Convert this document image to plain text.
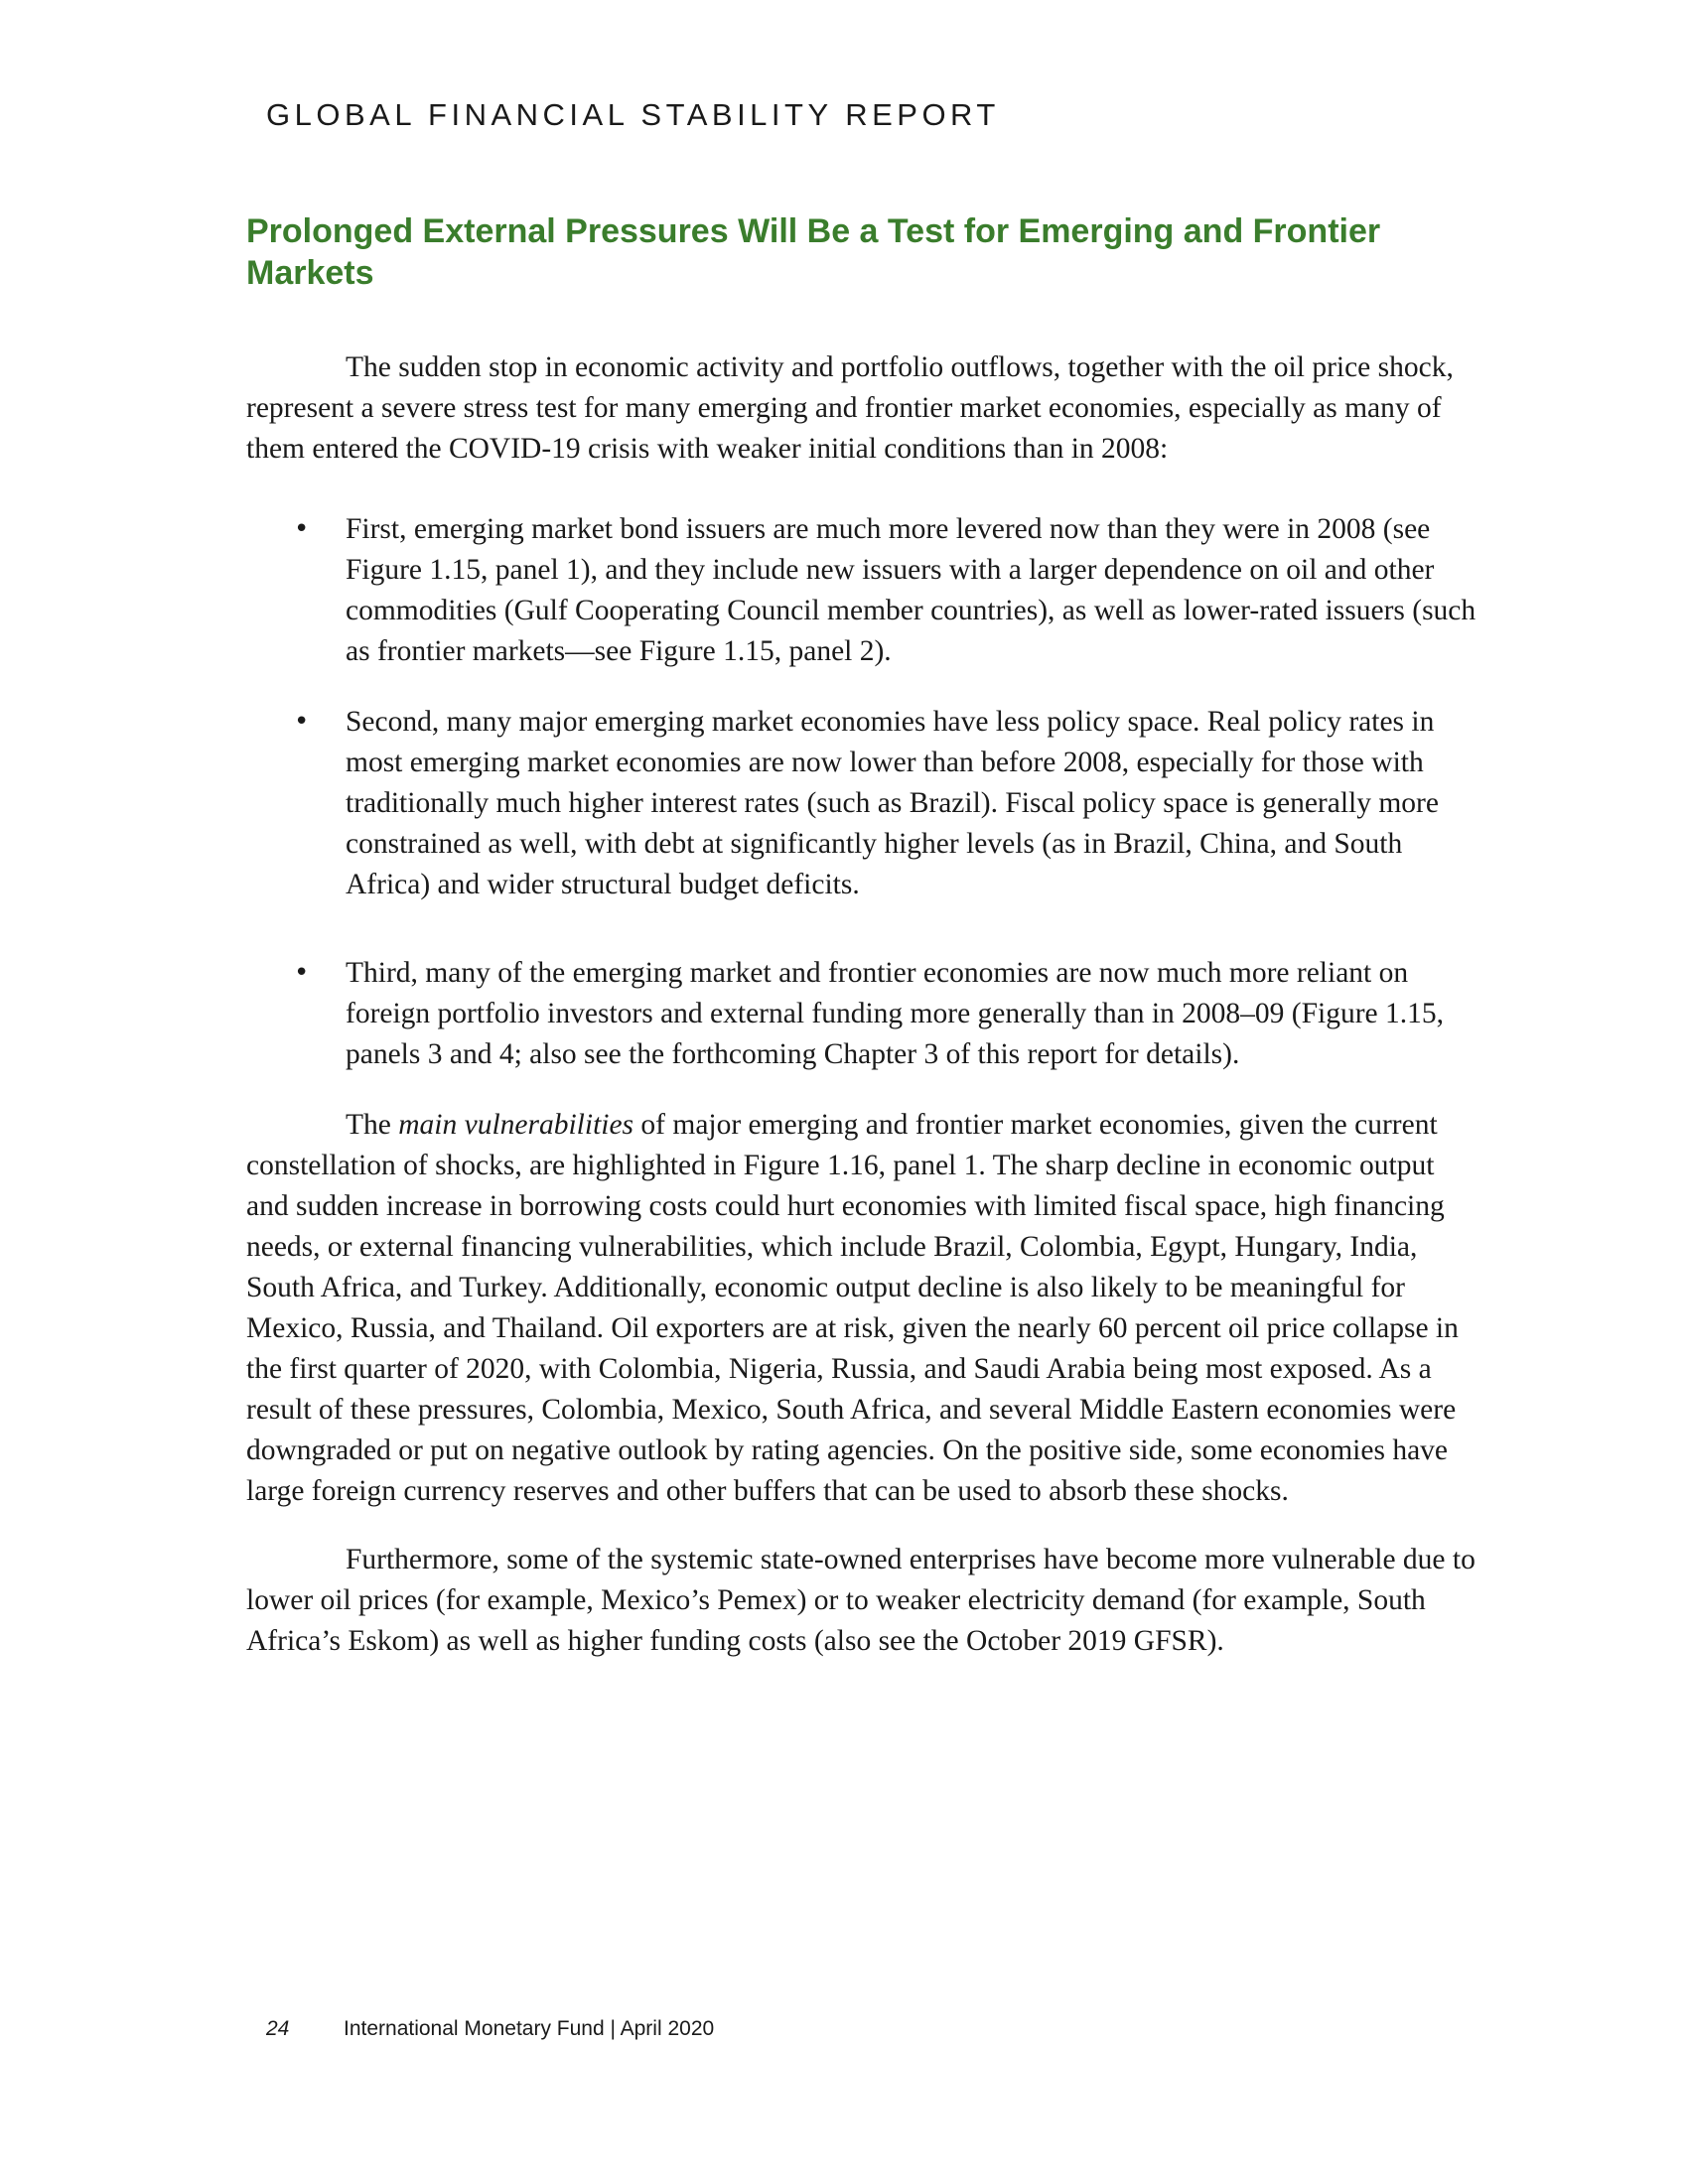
GLOBAL FINANCIAL STABILITY REPORT
Prolonged External Pressures Will Be a Test for Emerging and Frontier Markets

The sudden stop in economic activity and portfolio outflows, together with the oil price shock, represent a severe stress test for many emerging and frontier market economies, especially as many of them entered the COVID-19 crisis with weaker initial conditions than in 2008:

• First, emerging market bond issuers are much more levered now than they were in 2008 (see Figure 1.15, panel 1), and they include new issuers with a larger dependence on oil and other commodities (Gulf Cooperating Council member countries), as well as lower-rated issuers (such as frontier markets—see Figure 1.15, panel 2).
• Second, many major emerging market economies have less policy space. Real policy rates in most emerging market economies are now lower than before 2008, especially for those with traditionally much higher interest rates (such as Brazil). Fiscal policy space is generally more constrained as well, with debt at significantly higher levels (as in Brazil, China, and South Africa) and wider structural budget deficits.
• Third, many of the emerging market and frontier economies are now much more reliant on foreign portfolio investors and external funding more generally than in 2008–09 (Figure 1.15, panels 3 and 4; also see the forthcoming Chapter 3 of this report for details).

The main vulnerabilities of major emerging and frontier market economies, given the current constellation of shocks, are highlighted in Figure 1.16, panel 1. The sharp decline in economic output and sudden increase in borrowing costs could hurt economies with limited fiscal space, high financing needs, or external financing vulnerabilities, which include Brazil, Colombia, Egypt, Hungary, India, South Africa, and Turkey. Additionally, economic output decline is also likely to be meaningful for Mexico, Russia, and Thailand. Oil exporters are at risk, given the nearly 60 percent oil price collapse in the first quarter of 2020, with Colombia, Nigeria, Russia, and Saudi Arabia being most exposed. As a result of these pressures, Colombia, Mexico, South Africa, and several Middle Eastern economies were downgraded or put on negative outlook by rating agencies. On the positive side, some economies have large foreign currency reserves and other buffers that can be used to absorb these shocks.

Furthermore, some of the systemic state-owned enterprises have become more vulnerable due to lower oil prices (for example, Mexico’s Pemex) or to weaker electricity demand (for example, South Africa’s Eskom) as well as higher funding costs (also see the October 2019 GFSR).

24	International Monetary Fund | April 2020
